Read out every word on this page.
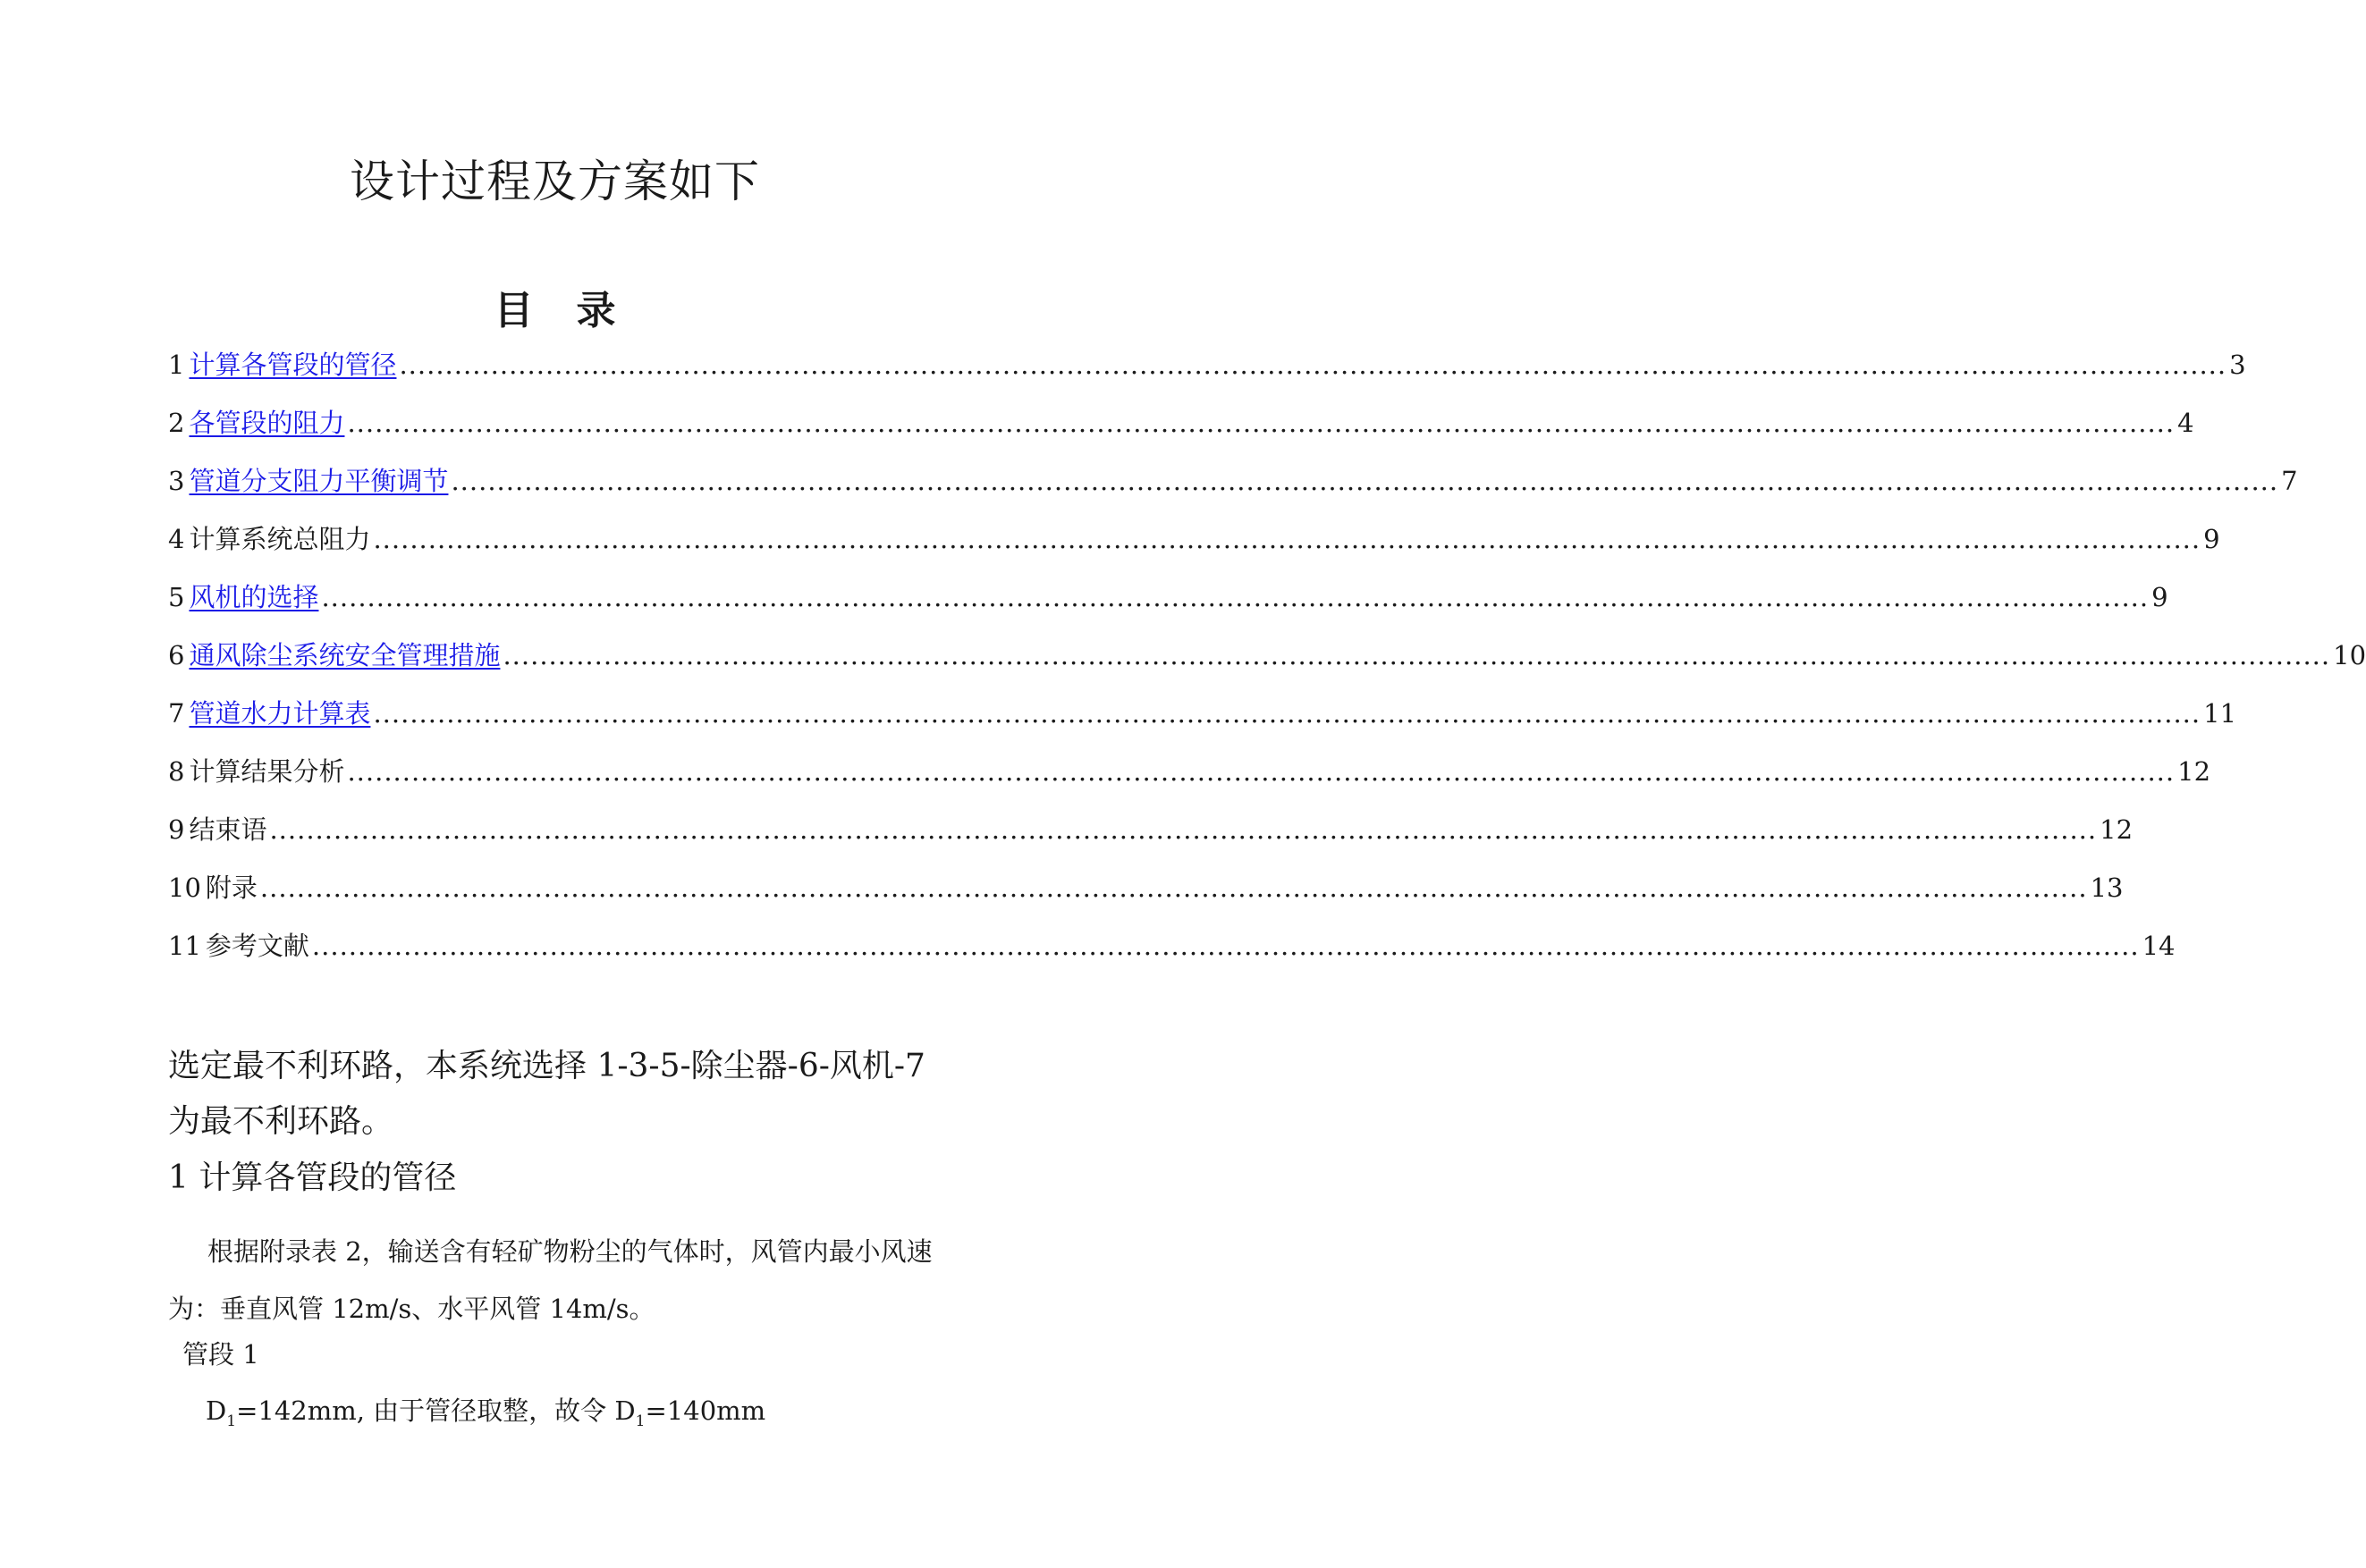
设计过程及方案如下
目 录
1 计算各管段的管径 ........................................................................................................................................................................................................ 3
2 各管段的阻力 ........................................................................................................................................................................................................ 4
3 管道分支阻力平衡调节 ........................................................................................................................................................................................................ 7
4 计算系统总阻力 ........................................................................................................................................................................................................ 9
5 风机的选择 ........................................................................................................................................................................................................ 9
6 通风除尘系统安全管理措施 ........................................................................................................................................................................................................ 10
7 管道水力计算表 ........................................................................................................................................................................................................ 11
8 计算结果分析 ........................................................................................................................................................................................................ 12
9 结束语 ........................................................................................................................................................................................................ 12
10 附录 ........................................................................................................................................................................................................ 13
11 参考文献 ........................................................................................................................................................................................................ 14
选定最不利环路，本系统选择 1-3-5-除尘器-6-风机-7 为最不利环路。
1 计算各管段的管径
根据附录表 2，输送含有轻矿物粉尘的气体时，风管内最小风速为：垂直风管 12m/s、水平风管 14m/s。
管段 1
$D_1=142mm$, 由于管径取整，故令 $D_1=140mm$
